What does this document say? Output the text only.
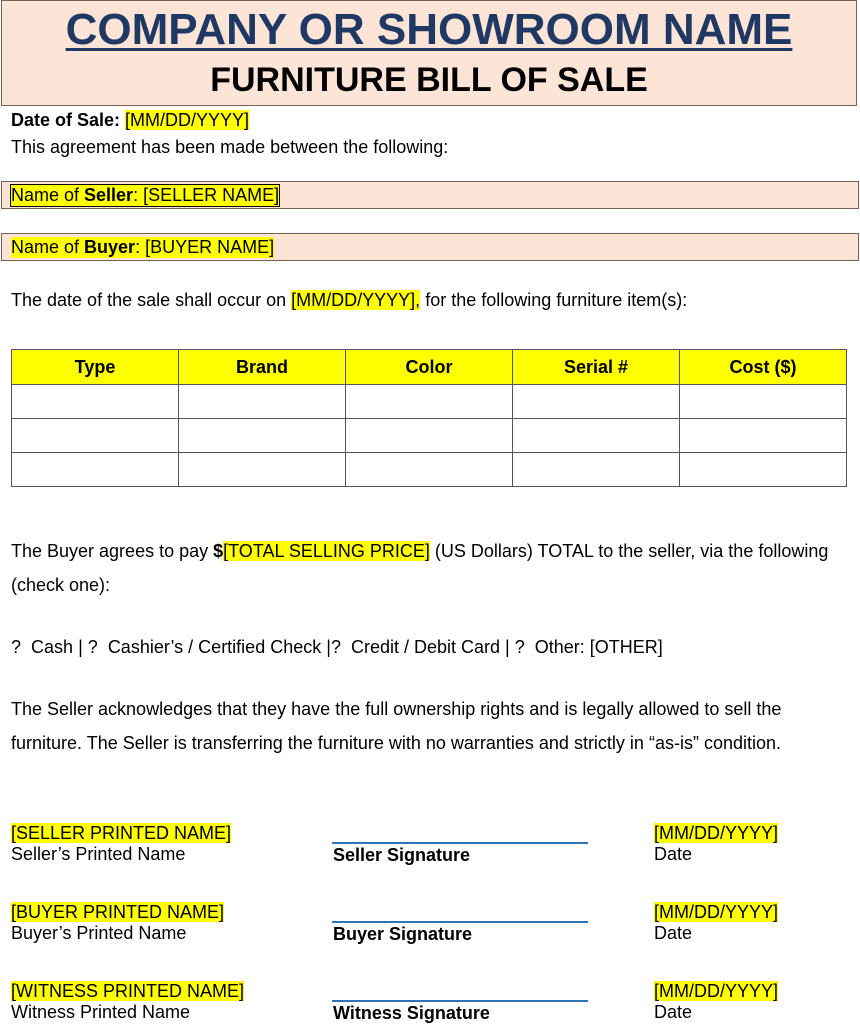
COMPANY OR SHOWROOM NAME
FURNITURE BILL OF SALE
Date of Sale: [MM/DD/YYYY]
This agreement has been made between the following:
Name of Seller: [SELLER NAME]
Name of Buyer: [BUYER NAME]
The date of the sale shall occur on [MM/DD/YYYY], for the following furniture item(s):
Type	Brand	Color	Serial #	Cost ($)

The Buyer agrees to pay $[TOTAL SELLING PRICE] (US Dollars) TOTAL to the seller, via the following (check one):
? Cash | ? Cashier’s / Certified Check |? Credit / Debit Card | ? Other: [OTHER]
The Seller acknowledges that they have the full ownership rights and is legally allowed to sell the furniture. The Seller is transferring the furniture with no warranties and strictly in “as-is” condition.
[SELLER PRINTED NAME]
Seller’s Printed Name	Seller Signature
[MM/DD/YYYY]
Date
[BUYER PRINTED NAME]
Buyer’s Printed Name	Buyer Signature
[MM/DD/YYYY]
Date
[WITNESS PRINTED NAME]
Witness Printed Name	Witness Signature
[MM/DD/YYYY]
Date
